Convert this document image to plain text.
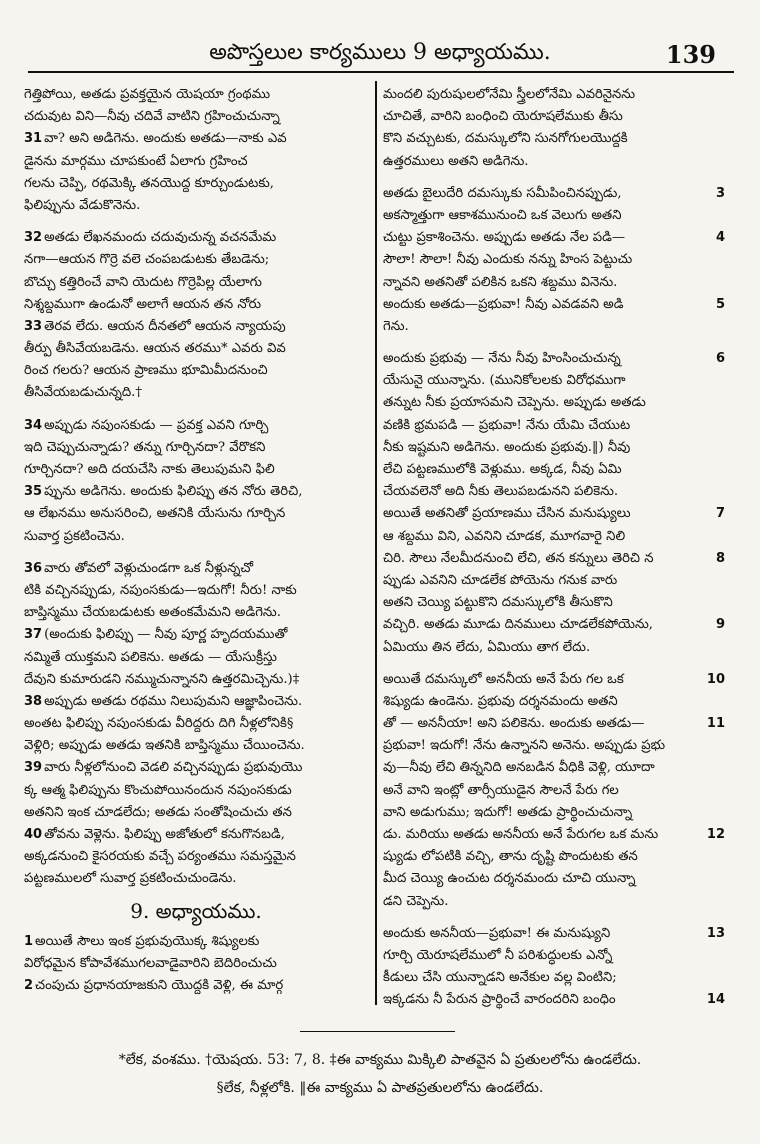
అపొస్తలుల కార్యములు 9 అధ్యాయము.	139
గెత్తిపోయి, అతడు ప్రవక్తయైన యెషయా గ్రంథము
చదువుట విని—నీవు చదివే వాటిని గ్రహించుచున్నా
31 వా? అని అడిగెను. అందుకు అతడు—నాకు ఎవ
డైనను మార్గము చూపకుంటే ఏలాగు గ్రహించ
గలను చెప్పి, రథమెక్కి తనయొద్ద కూర్చుండుటకు,
ఫిలిప్పును వేడుకొనెను.
32 అతడు లేఖనమందు చదువుచున్న వచనమేమ
నగా—ఆయన గొర్రె వలె చంపబడుటకు తేబడెను;
బొచ్చు కత్తిరించే వాని యెదుట గొర్రెపిల్ల యేలాగు
నిశ్శబ్దముగా ఉండునో అలాగే ఆయన తన నోరు
33 తెరవ లేదు. ఆయన దీనతలో ఆయన న్యాయపు
తీర్పు తీసివేయబడెను. ఆయన తరము* ఎవరు వివ
రించ గలరు? ఆయన ప్రాణము భూమిమీదనుంచి
తీసివేయబడుచున్నది.†
34 అప్పుడు నపుంసకుడు — ప్రవక్త ఎవని గూర్చి
ఇది చెప్పుచున్నాడు? తన్ను గూర్చినదా? వేరొకని
గూర్చినదా? అది దయచేసి నాకు తెలుపుమని ఫిలి
35 ప్పును అడిగెను. అందుకు ఫిలిప్పు తన నోరు తెరిచి,
ఆ లేఖనము అనుసరించి, అతనికి యేసును గూర్చిన
సువార్త ప్రకటించెను.
36 వారు తోవలో వెళ్లుచుండగా ఒక నీళ్లున్నచో
టికి వచ్చినప్పుడు, నపుంసకుడు—ఇదుగో! నీరు! నాకు
బాప్తిస్మము చేయబడుటకు అతంకమేమని అడిగెను.
37 (అందుకు ఫిలిప్పు — నీవు పూర్ణ హృదయముతో
నమ్మితే యుక్తమని పలికెను. అతడు — యేసుక్రీస్తు
దేవుని కుమారుడని నమ్ముచున్నానని ఉత్తరమిచ్చెను.)‡
38 అప్పుడు అతడు రథము నిలుపుమని ఆజ్ఞాపించెను.
అంతట ఫిలిప్పు నపుంసకుడు వీరిద్దరు దిగి నీళ్లలోనికి§
వెళ్లిరి; అప్పుడు అతడు ఇతనికి బాప్తిస్మము చేయించెను.
39 వారు నీళ్లలోనుంచి వెడలి వచ్చినప్పుడు ప్రభువుయొ
క్క ఆత్మ ఫిలిప్పును కొంచుపోయినందున నపుంసకుడు
అతనిని ఇంక చూడలేదు; అతడు సంతోషించుచు తన
40 తోవను వెళ్లెను. ఫిలిప్పు అజోతులో కనుగొనబడి,
అక్కడనుంచి కైసరయకు వచ్చే పర్యంతము సమస్తమైన
పట్టణములలో సువార్త ప్రకటించుచుండెను.
9. అధ్యాయము.
1 అయితే సౌలు ఇంక ప్రభువుయొక్క శిష్యులకు
విరోధమైన కోపావేశముగలవాడైవారిని బెదిరించుచు
2 చంపుచు ప్రధానయాజకుని యొద్దకి వెళ్లి, ఈ మార్గ
మందలి పురుషులలోనేమి స్త్రీలలోనేమి ఎవరినైనను
చూచితే, వారిని బంధించి యెరూషలేముకు తీసు
కొని వచ్చుటకు, దమస్కులోని సునగోగులయొద్దకి
ఉత్తరములు అతని అడిగెను.
3
అతడు బైలుదేరి దమస్కుకు సమీపించినప్పుడు,
అకస్మాత్తుగా ఆకాశమునుంచి ఒక వెలుగు అతని
4
చుట్టు ప్రకాశించెను. అప్పుడు అతడు నేల పడి—
సౌలా! సౌలా! నీవు ఎందుకు నన్ను హింస పెట్టుచు
న్నావని అతనితో పలికిన ఒకని శబ్దము వినెను.
5
అందుకు అతడు—ప్రభువా! నీవు ఎవడవని అడి
గెను.
6
అందుకు ప్రభువు — నేను నీవు హింసించుచున్న
యేసునై యున్నాను. (మునికోలలకు విరోధముగా
తన్నుట నీకు ప్రయాసమని చెప్పెను. అప్పుడు అతడు
వణికి భ్రమపడి — ప్రభువా! నేను యేమి చేయుట
నీకు ఇష్టమని అడిగెను. అందుకు ప్రభువు.‖) నీవు
లేచి పట్టణములోకి వెళ్లుము. అక్కడ, నీవు ఏమి
చేయవలెనో అది నీకు తెలుపబడునని పలికెను.
7
అయితే అతనితో ప్రయాణము చేసిన మనుష్యులు
ఆ శబ్దము విని, ఎవనిని చూడక, మూగవారై నిలి
8
చిరి. సౌలు నేలమీదనుంచి లేచి, తన కన్నులు తెరిచి న
ప్పుడు ఎవనిని చూడలేక పోయెను గనుక వారు
అతని చెయ్యి పట్టుకొని దమస్కులోకి తీసుకొని
9
వచ్చిరి. అతడు మూడు దినములు చూడలేకపోయెను,
ఏమియు తిన లేదు, ఏమియు తాగ లేదు.
10
అయితే దమస్కులో అననీయ అనే పేరు గల ఒక
శిష్యుడు ఉండెను. ప్రభువు దర్శనమందు అతని
11
తో — అననీయా! అని పలికెను. అందుకు అతడు—
ప్రభువా! ఇదుగో! నేను ఉన్నానని అనెను. అప్పుడు ప్రభు
వు—నీవు లేచి తిన్ననిది అనబడిన వీధికి వెళ్లి, యూదా
అనే వాని ఇంట్లో తార్సీయుడైన సౌలనే పేరు గల
వాని అడుగుము; ఇదుగో! అతడు ప్రార్థించుచున్నా
12
డు. మరియు అతడు అననీయ అనే పేరుగల ఒక మను
ష్యుడు లోపటికి వచ్చి, తాను దృష్టి పొందుటకు తన
మీద చెయ్యి ఉంచుట దర్శనమందు చూచి యున్నా
డని చెప్పెను.
13
అందుకు అననీయ—ప్రభువా! ఈ మనుష్యుని
గూర్చి యెరూషలేములో నీ పరిశుద్ధులకు ఎన్నో
కీడులు చేసి యున్నాడని అనేకుల వల్ల వింటిని;
14
ఇక్కడను నీ పేరున ప్రార్థించే వారందరిని బంధిం
*లేక, వంశము. †యెషయ. 53: 7, 8. ‡ఈ వాక్యము మిక్కిలి పాతవైన ఏ ప్రతులలోను ఉండలేదు.
§లేక, నీళ్లలోకి. ‖ఈ వాక్యము ఏ పాతప్రతులలోను ఉండలేదు.
